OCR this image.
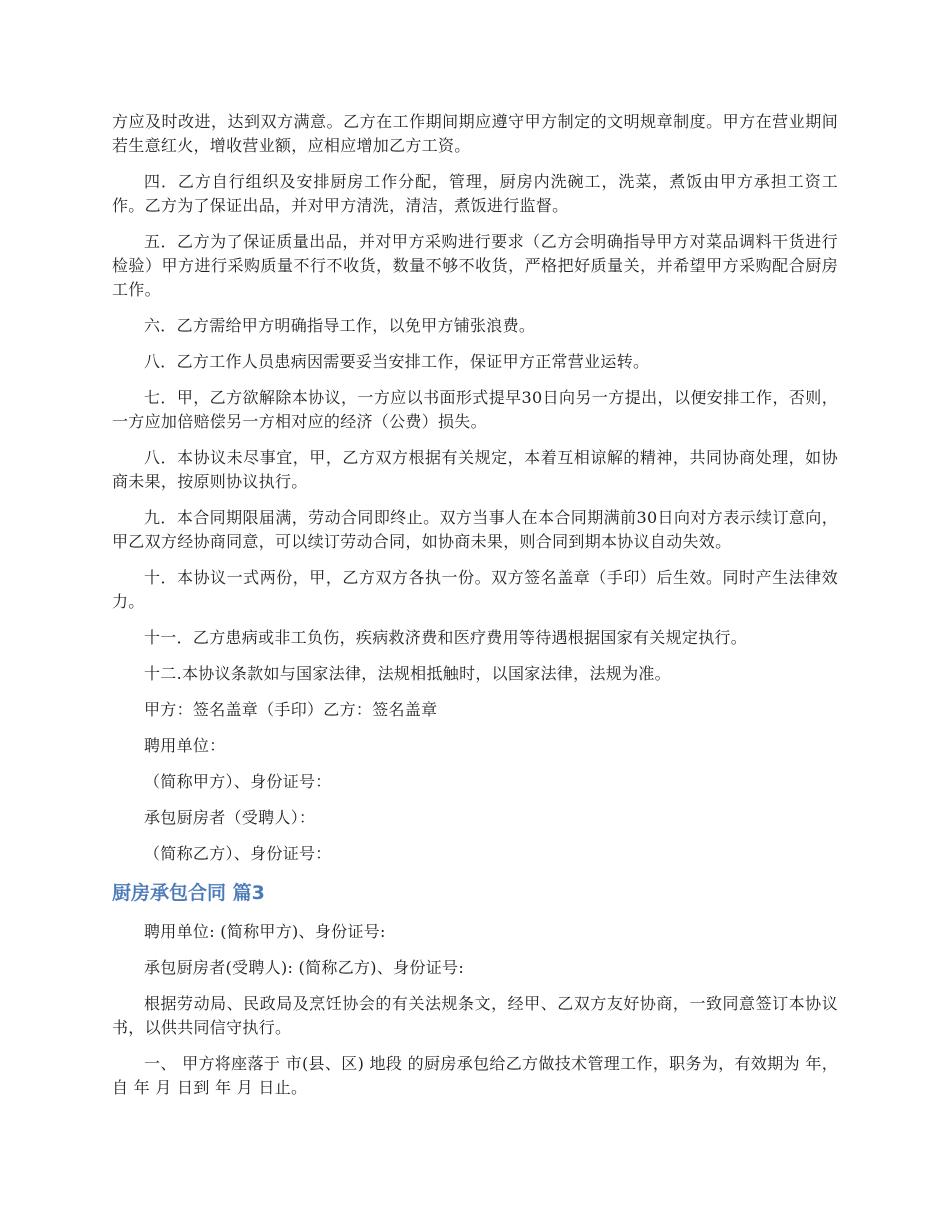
方应及时改进，达到双方满意。乙方在工作期间期应遵守甲方制定的文明规章制度。甲方在营业期间若生意红火，增收营业额，应相应增加乙方工资。

四．乙方自行组织及安排厨房工作分配，管理，厨房内洗碗工，洗菜，煮饭由甲方承担工资工作。乙方为了保证出品，并对甲方清洗，清洁，煮饭进行监督。

五．乙方为了保证质量出品，并对甲方采购进行要求（乙方会明确指导甲方对菜品调料干货进行检验）甲方进行采购质量不行不收货，数量不够不收货，严格把好质量关，并希望甲方采购配合厨房工作。

六．乙方需给甲方明确指导工作，以免甲方铺张浪费。

八．乙方工作人员患病因需要妥当安排工作，保证甲方正常营业运转。

七．甲，乙方欲解除本协议，一方应以书面形式提早30日向另一方提出，以便安排工作，否则，一方应加倍赔偿另一方相对应的经济（公费）损失。

八．本协议未尽事宜，甲，乙方双方根据有关规定，本着互相谅解的精神，共同协商处理，如协商未果，按原则协议执行。

九．本合同期限届满，劳动合同即终止。双方当事人在本合同期满前30日向对方表示续订意向，甲乙双方经协商同意，可以续订劳动合同，如协商未果，则合同到期本协议自动失效。

十．本协议一式两份，甲，乙方双方各执一份。双方签名盖章（手印）后生效。同时产生法律效力。

十一．乙方患病或非工负伤，疾病救济费和医疗费用等待遇根据国家有关规定执行。

十二.本协议条款如与国家法律，法规相抵触时，以国家法律，法规为准。

甲方：签名盖章（手印）乙方：签名盖章

聘用单位：

（简称甲方）、身份证号：

承包厨房者（受聘人）：

（简称乙方）、身份证号：

厨房承包合同 篇3

聘用单位: (简称甲方)、身份证号:

承包厨房者(受聘人): (简称乙方)、身份证号:

根据劳动局、民政局及烹饪协会的有关法规条文，经甲、乙双方友好协商，一致同意签订本协议书，以供共同信守执行。

一、 甲方将座落于 市(县、区) 地段 的厨房承包给乙方做技术管理工作，职务为，有效期为 年，自 年 月 日到 年 月 日止。
